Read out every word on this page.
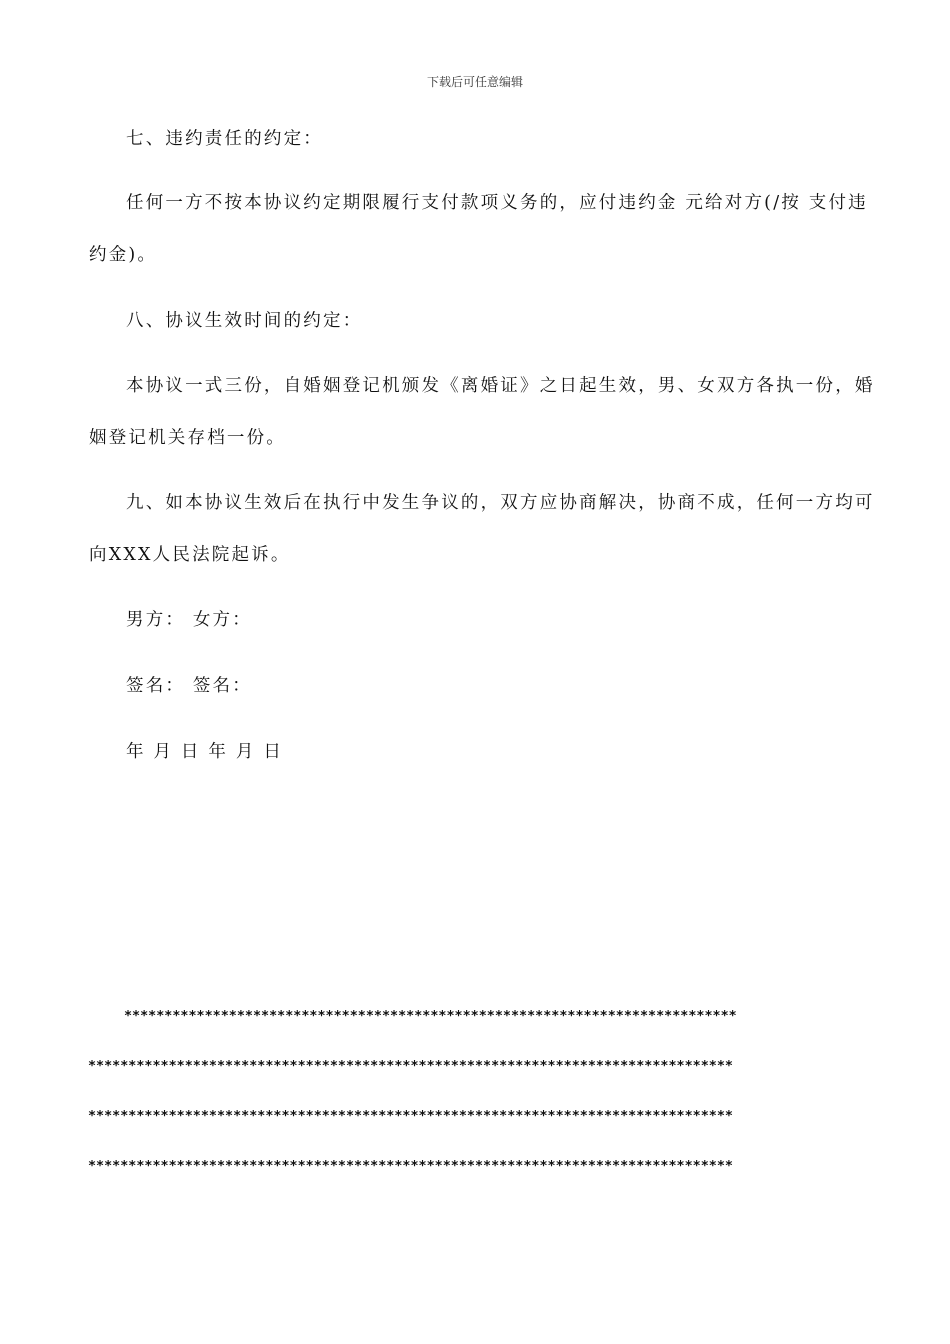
下载后可任意编辑
七、违约责任的约定：
任何一方不按本协议约定期限履行支付款项义务的，应付违约金 元给对方(/按 支付违
约金)。
八、协议生效时间的约定：
本协议一式三份，自婚姻登记机颁发《离婚证》之日起生效，男、女双方各执一份，婚
姻登记机关存档一份。
九、如本协议生效后在执行中发生争议的，双方应协商解决，协商不成，任何一方均可
向XXX人民法院起诉。
男方： 女方：
签名： 签名：
年 月 日 年 月 日
****************************************************************************
********************************************************************************
********************************************************************************
********************************************************************************
